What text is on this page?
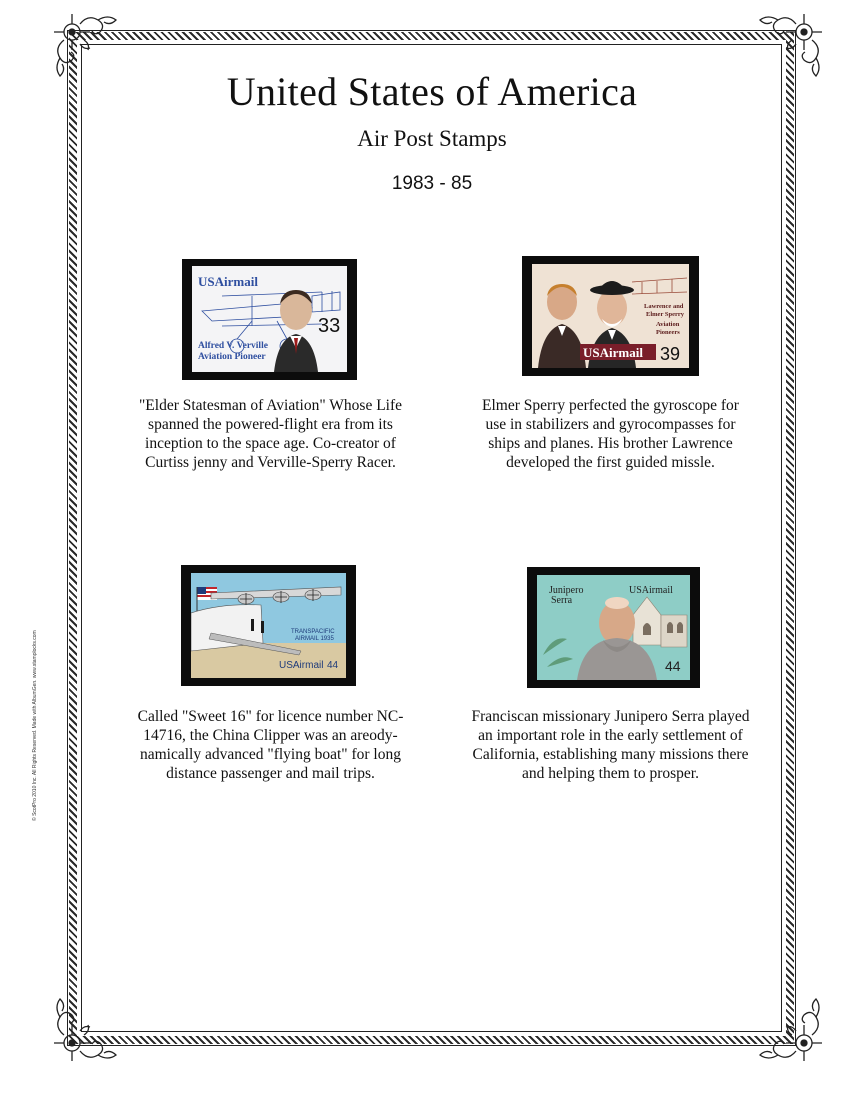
United States of America
Air Post Stamps
1983 - 85
© ScotPro 2010 Inc. All Rights Reserved. Made with AlbumGen. www.stamplocks.com
USAirmail
33
Alfred V. Verville
Aviation Pioneer
"Elder Statesman of Aviation" Whose Life
spanned the powered-flight era from its
inception to the space age. Co-creator of
Curtiss jenny and Verville-Sperry Racer.
Lawrence and
Elmer Sperry
Aviation
Pioneers
USAirmail 39
Elmer Sperry perfected the gyroscope for
use in stabilizers and gyrocompasses for
ships and planes. His brother Lawrence
developed the first guided missle.
TRANSPACIFIC
AIRMAIL 1935
USAirmail 44
Called "Sweet 16" for licence number NC-
14716, the China Clipper was an areody-
namically advanced "flying boat" for long
distance passenger and mail trips.
Junipero
Serra
USAirmail
44
Franciscan missionary Junipero Serra played
an important role in the early settlement of
California, establishing many missions there
and helping them to prosper.
